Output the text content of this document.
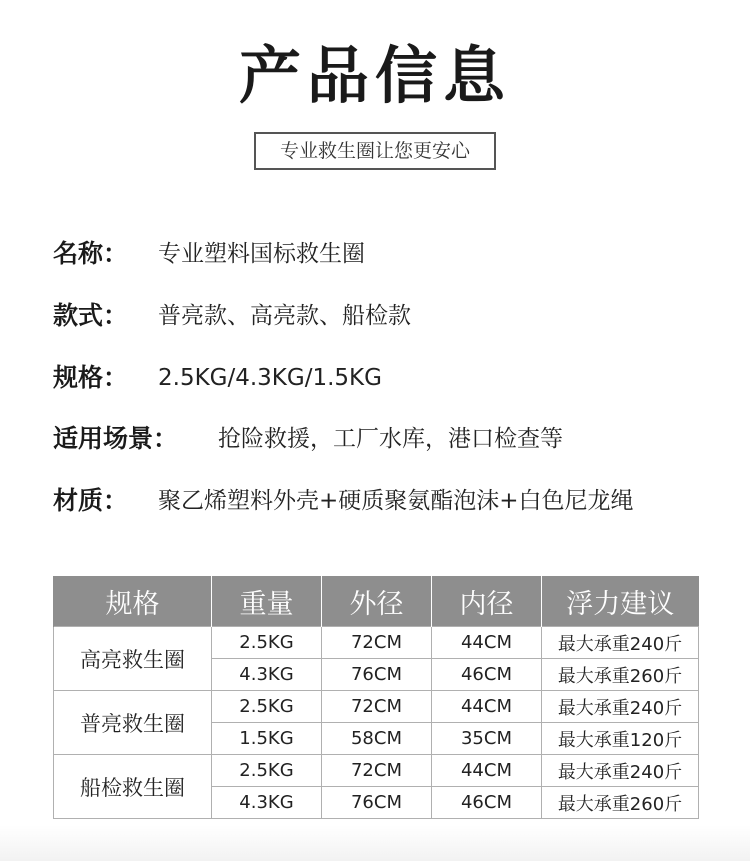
产品信息
专业救生圈让您更安心
名称： 专业塑料国标救生圈
款式： 普亮款、高亮款、船检款
规格： 2.5KG/4.3KG/1.5KG
适用场景： 抢险救援，工厂水库，港口检查等
材质： 聚乙烯塑料外壳+硬质聚氨酯泡沫+白色尼龙绳
规格	重量	外径	内径	浮力建议
高亮救生圈	2.5KG	72CM	44CM	最大承重240斤
	4.3KG	76CM	46CM	最大承重260斤
普亮救生圈	2.5KG	72CM	44CM	最大承重240斤
	1.5KG	58CM	35CM	最大承重120斤
船检救生圈	2.5KG	72CM	44CM	最大承重240斤
	4.3KG	76CM	46CM	最大承重260斤
